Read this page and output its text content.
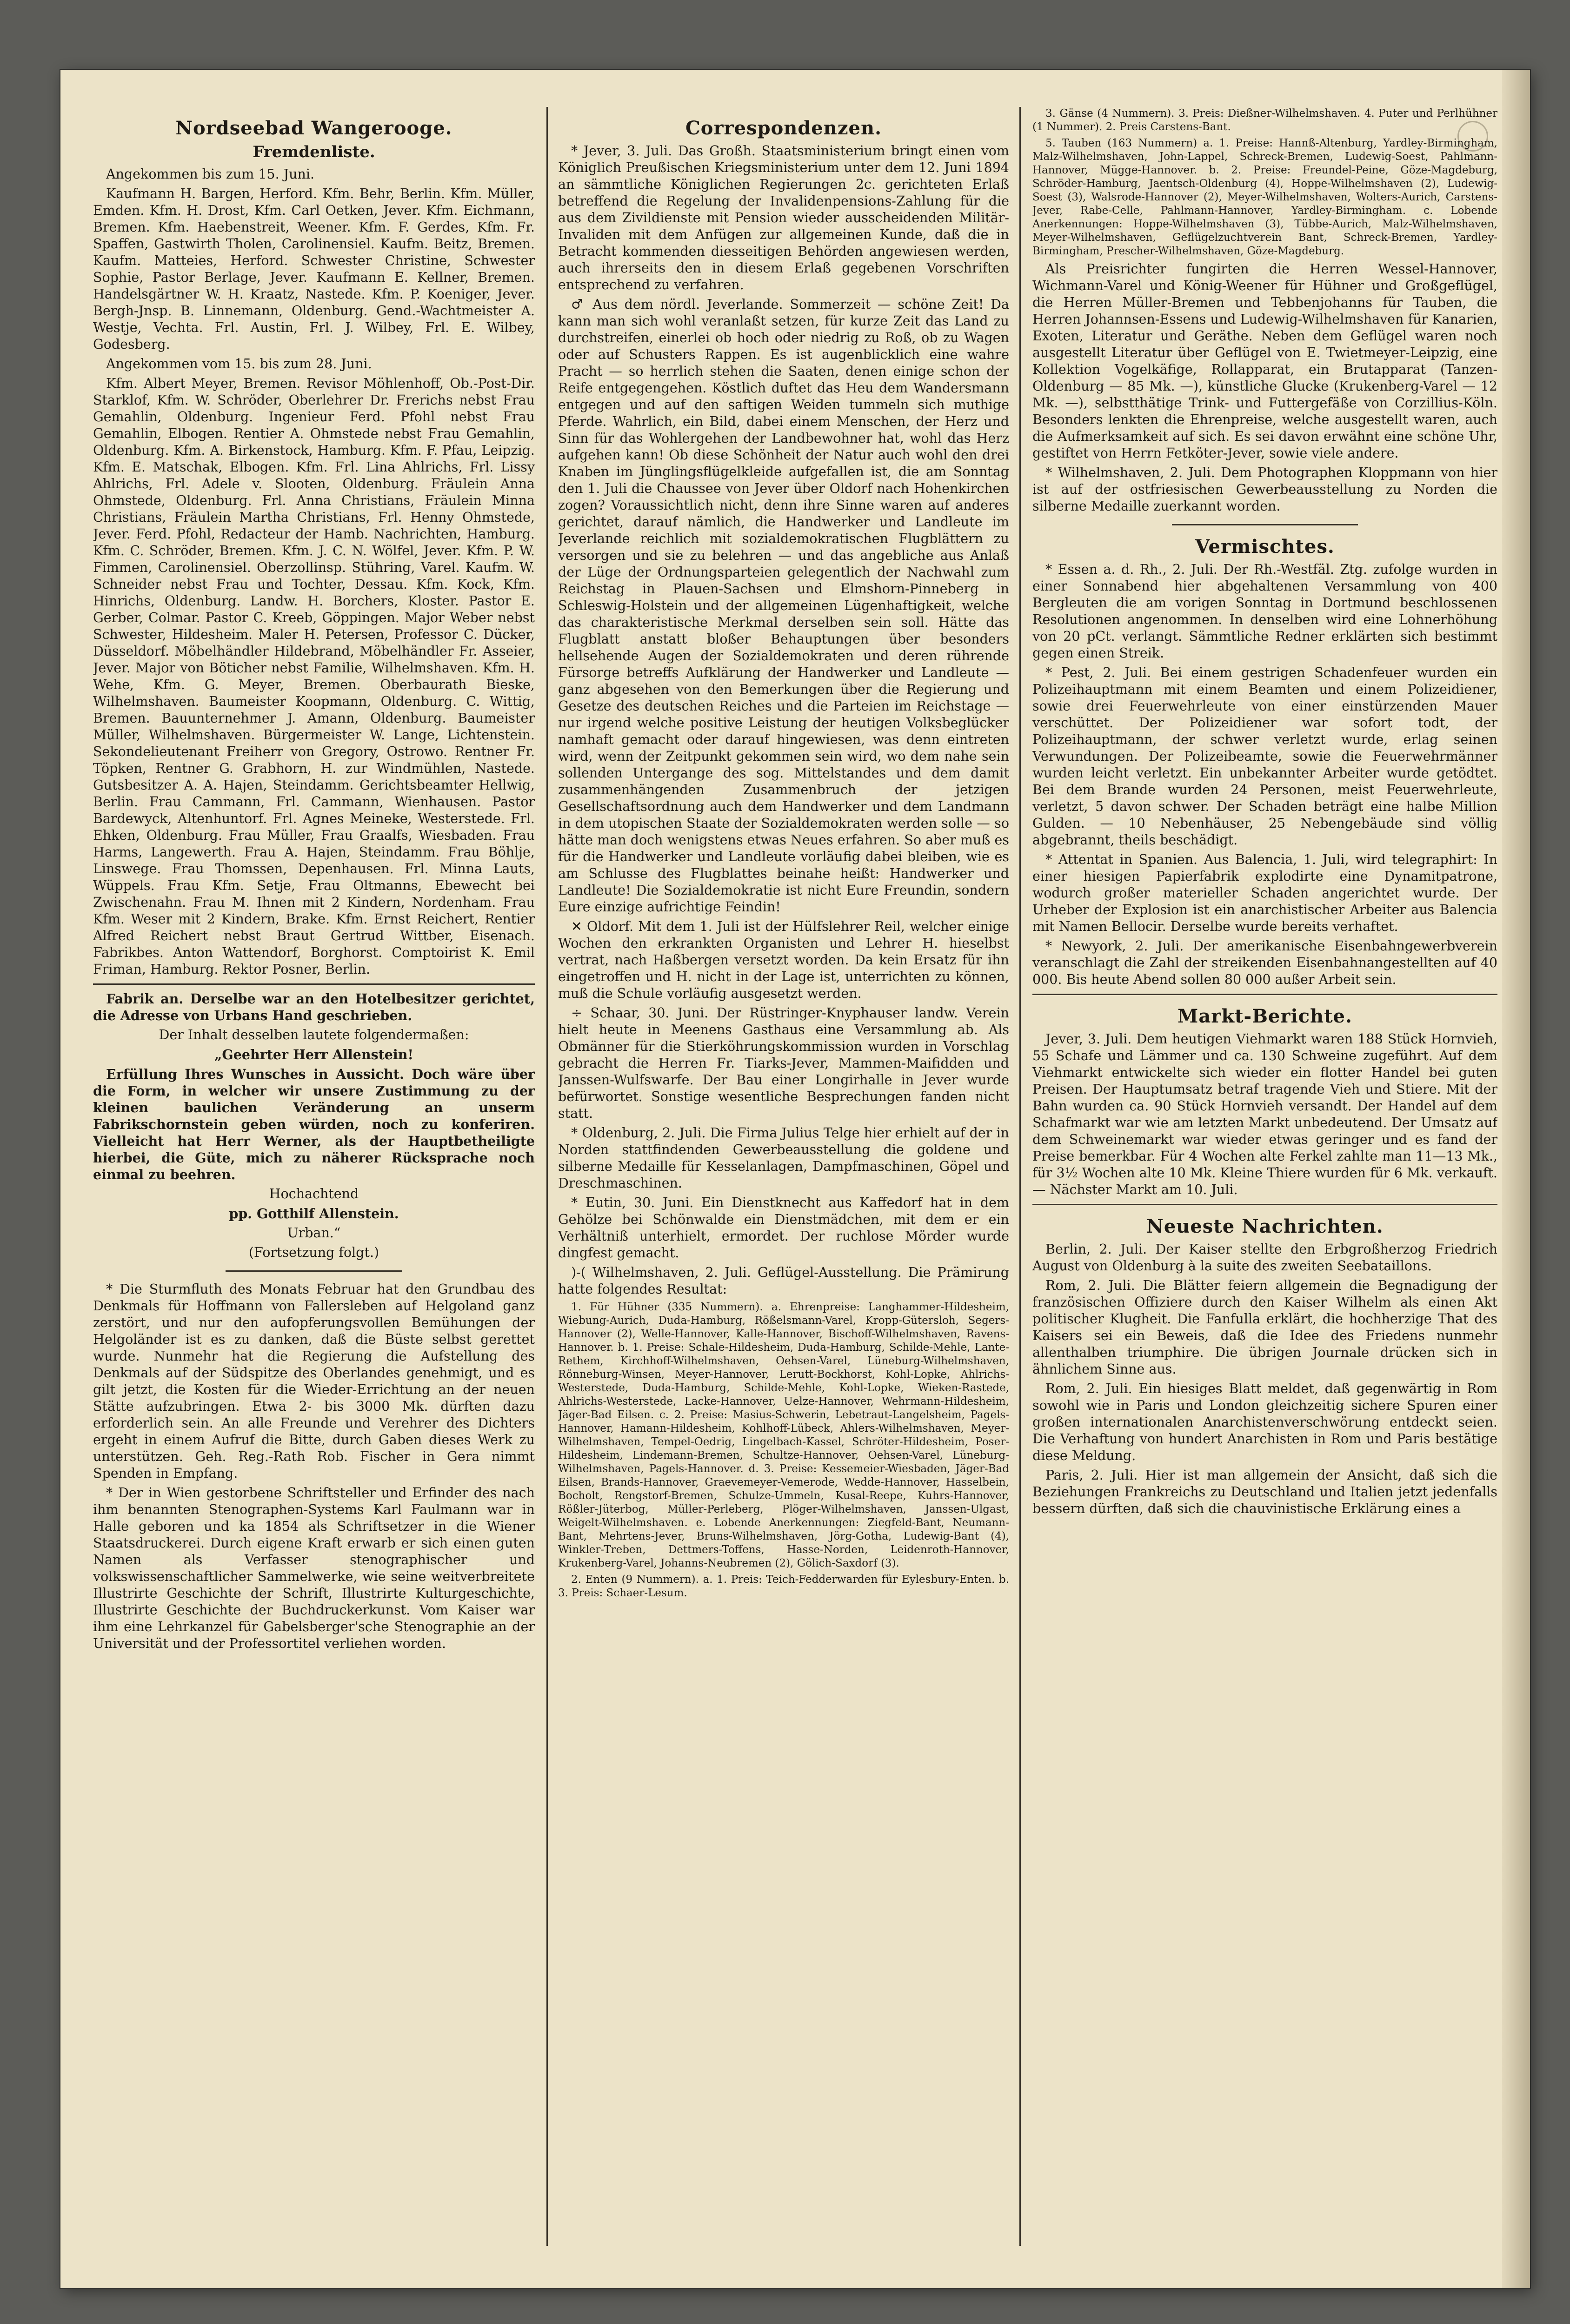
Nordseebad Wangerooge.
Fremdenliste.

Angekommen bis zum 15. Juni.

Kaufmann H. Bargen, Herford. Kfm. Behr, Berlin. Kfm. Müller, Emden. Kfm. H. Drost, Kfm. Carl Oetken, Jever. Kfm. Eichmann, Bremen. Kfm. Haebenstreit, Weener. Kfm. F. Gerdes, Kfm. Fr. Spaffen, Gastwirth Tholen, Carolinensiel. Kaufm. Beitz, Bremen. Kaufm. Matteies, Herford. Schwester Christine, Schwester Sophie, Pastor Berlage, Jever. Kaufmann E. Kellner, Bremen. Handelsgärtner W. H. Kraatz, Nastede. Kfm. P. Koeniger, Jever. Bergh-Jnsp. B. Linnemann, Oldenburg. Gend.-Wachtmeister A. Westje, Vechta. Frl. Austin, Frl. J. Wilbey, Frl. E. Wilbey, Godesberg.

Angekommen vom 15. bis zum 28. Juni.

Kfm. Albert Meyer, Bremen. Revisor Möhlenhoff, Ob.-Post-Dir. Starklof, Kfm. W. Schröder, Oberlehrer Dr. Frerichs nebst Frau Gemahlin, Oldenburg. Ingenieur Ferd. Pfohl nebst Frau Gemahlin, Elbogen. Rentier A. Ohmstede nebst Frau Gemahlin, Oldenburg. Kfm. A. Birkenstock, Hamburg. Kfm. F. Pfau, Leipzig. Kfm. E. Matschak, Elbogen. Kfm. Frl. Lina Ahlrichs, Frl. Lissy Ahlrichs, Frl. Adele v. Slooten, Oldenburg. Fräulein Anna Ohmstede, Oldenburg. Frl. Anna Christians, Fräulein Minna Christians, Fräulein Martha Christians, Frl. Henny Ohmstede, Jever. Ferd. Pfohl, Redacteur der Hamb. Nachrichten, Hamburg. Kfm. C. Schröder, Bremen. Kfm. J. C. N. Wölfel, Jever. Kfm. P. W. Fimmen, Carolinensiel. Oberzollinsp. Stühring, Varel. Kaufm. W. Schneider nebst Frau und Tochter, Dessau. Kfm. Kock, Kfm. Hinrichs, Oldenburg. Landw. H. Borchers, Kloster. Pastor E. Gerber, Colmar. Pastor C. Kreeb, Göppingen. Major Weber nebst Schwester, Hildesheim. Maler H. Petersen, Professor C. Dücker, Düsseldorf. Möbelhändler Hildebrand, Möbelhändler Fr. Asseier, Jever. Major von Böticher nebst Familie, Wilhelmshaven. Kfm. H. Wehe, Kfm. G. Meyer, Bremen. Oberbaurath Bieske, Wilhelmshaven. Baumeister Koopmann, Oldenburg. C. Wittig, Bremen. Bauunternehmer J. Amann, Oldenburg. Baumeister Müller, Wilhelmshaven. Bürgermeister W. Lange, Lichtenstein. Sekondelieutenant Freiherr von Gregory, Ostrowo. Rentner Fr. Töpken, Rentner G. Grabhorn, H. zur Windmühlen, Nastede. Gutsbesitzer A. A. Hajen, Steindamm. Gerichtsbeamter Hellwig, Berlin. Frau Cammann, Frl. Cammann, Wienhausen. Pastor Bardewyck, Altenhuntorf. Frl. Agnes Meineke, Westerstede. Frl. Ehken, Oldenburg. Frau Müller, Frau Graalfs, Wiesbaden. Frau Harms, Langewerth. Frau A. Hajen, Steindamm. Frau Böhlje, Linswege. Frau Thomssen, Depenhausen. Frl. Minna Lauts, Wüppels. Frau Kfm. Setje, Frau Oltmanns, Ebewecht bei Zwischenahn. Frau M. Ihnen mit 2 Kindern, Nordenham. Frau Kfm. Weser mit 2 Kindern, Brake. Kfm. Ernst Reichert, Rentier Alfred Reichert nebst Braut Gertrud Wittber, Eisenach. Fabrikbes. Anton Wattendorf, Borghorst. Comptoirist K. Emil Friman, Hamburg. Rektor Posner, Berlin.

Fabrik an. Derselbe war an den Hotelbesitzer gerichtet, die Adresse von Urbans Hand geschrieben.

Der Inhalt desselben lautete folgendermaßen:

„Geehrter Herr Allenstein!

Erfüllung Ihres Wunsches in Aussicht. Doch wäre über die Form, in welcher wir unsere Zustimmung zu der kleinen baulichen Veränderung an unserm Fabrikschornstein geben würden, noch zu konferiren. Vielleicht hat Herr Werner, als der Hauptbetheiligte hierbei, die Güte, mich zu näherer Rücksprache noch einmal zu beehren.

Hochachtend

pp. Gotthilf Allenstein.

Urban.“

(Fortsetzung folgt.)

* Die Sturmfluth des Monats Februar hat den Grundbau des Denkmals für Hoffmann von Fallersleben auf Helgoland ganz zerstört, und nur den aufopferungsvollen Bemühungen der Helgoländer ist es zu danken, daß die Büste selbst gerettet wurde. Nunmehr hat die Regierung die Aufstellung des Denkmals auf der Südspitze des Oberlandes genehmigt, und es gilt jetzt, die Kosten für die Wieder-Errichtung an der neuen Stätte aufzubringen. Etwa 2- bis 3000 Mk. dürften dazu erforderlich sein. An alle Freunde und Verehrer des Dichters ergeht in einem Aufruf die Bitte, durch Gaben dieses Werk zu unterstützen. Geh. Reg.-Rath Rob. Fischer in Gera nimmt Spenden in Empfang.

* Der in Wien gestorbene Schriftsteller und Erfinder des nach ihm benannten Stenographen-Systems Karl Faulmann war in Halle geboren und ka 1854 als Schriftsetzer in die Wiener Staatsdruckerei. Durch eigene Kraft erwarb er sich einen guten Namen als Verfasser stenographischer und volkswissenschaftlicher Sammelwerke, wie seine weitverbreitete Illustrirte Geschichte der Schrift, Illustrirte Kulturgeschichte, Illustrirte Geschichte der Buchdruckerkunst. Vom Kaiser war ihm eine Lehrkanzel für Gabelsberger'sche Stenographie an der Universität und der Professortitel verliehen worden.

Correspondenzen.

* Jever, 3. Juli. Das Großh. Staatsministerium bringt einen vom Königlich Preußischen Kriegsministerium unter dem 12. Juni 1894 an sämmtliche Königlichen Regierungen 2c. gerichteten Erlaß betreffend die Regelung der Invalidenpensions-Zahlung für die aus dem Zivildienste mit Pension wieder ausscheidenden Militär-Invaliden mit dem Anfügen zur allgemeinen Kunde, daß die in Betracht kommenden diesseitigen Behörden angewiesen werden, auch ihrerseits den in diesem Erlaß gegebenen Vorschriften entsprechend zu verfahren.

♂ Aus dem nördl. Jeverlande. Sommerzeit — schöne Zeit! Da kann man sich wohl veranlaßt setzen, für kurze Zeit das Land zu durchstreifen, einerlei ob hoch oder niedrig zu Roß, ob zu Wagen oder auf Schusters Rappen. Es ist augenblicklich eine wahre Pracht — so herrlich stehen die Saaten, denen einige schon der Reife entgegengehen. Köstlich duftet das Heu dem Wandersmann entgegen und auf den saftigen Weiden tummeln sich muthige Pferde. Wahrlich, ein Bild, dabei einem Menschen, der Herz und Sinn für das Wohlergehen der Landbewohner hat, wohl das Herz aufgehen kann! Ob diese Schönheit der Natur auch wohl den drei Knaben im Jünglingsflügelkleide aufgefallen ist, die am Sonntag den 1. Juli die Chaussee von Jever über Oldorf nach Hohenkirchen zogen? Voraussichtlich nicht, denn ihre Sinne waren auf anderes gerichtet, darauf nämlich, die Handwerker und Landleute im Jeverlande reichlich mit sozialdemokratischen Flugblättern zu versorgen und sie zu belehren — und das angebliche aus Anlaß der Lüge der Ordnungsparteien gelegentlich der Nachwahl zum Reichstag in Plauen-Sachsen und Elmshorn-Pinneberg in Schleswig-Holstein und der allgemeinen Lügenhaftigkeit, welche das charakteristische Merkmal derselben sein soll. Hätte das Flugblatt anstatt bloßer Behauptungen über besonders hellsehende Augen der Sozialdemokraten und deren rührende Fürsorge betreffs Aufklärung der Handwerker und Landleute — ganz abgesehen von den Bemerkungen über die Regierung und Gesetze des deutschen Reiches und die Parteien im Reichstage — nur irgend welche positive Leistung der heutigen Volksbeglücker namhaft gemacht oder darauf hingewiesen, was denn eintreten wird, wenn der Zeitpunkt gekommen sein wird, wo dem nahe sein sollenden Untergange des sog. Mittelstandes und dem damit zusammenhängenden Zusammenbruch der jetzigen Gesellschaftsordnung auch dem Handwerker und dem Landmann in dem utopischen Staate der Sozialdemokraten werden solle — so hätte man doch wenigstens etwas Neues erfahren. So aber muß es für die Handwerker und Landleute vorläufig dabei bleiben, wie es am Schlusse des Flugblattes beinahe heißt: Handwerker und Landleute! Die Sozialdemokratie ist nicht Eure Freundin, sondern Eure einzige aufrichtige Feindin!

✕ Oldorf. Mit dem 1. Juli ist der Hülfslehrer Reil, welcher einige Wochen den erkrankten Organisten und Lehrer H. hieselbst vertrat, nach Haßbergen versetzt worden. Da kein Ersatz für ihn eingetroffen und H. nicht in der Lage ist, unterrichten zu können, muß die Schule vorläufig ausgesetzt werden.

÷ Schaar, 30. Juni. Der Rüstringer-Knyphauser landw. Verein hielt heute in Meenens Gasthaus eine Versammlung ab. Als Obmänner für die Stierköhrungskommission wurden in Vorschlag gebracht die Herren Fr. Tiarks-Jever, Mammen-Maifidden und Janssen-Wulfswarfe. Der Bau einer Longirhalle in Jever wurde befürwortet. Sonstige wesentliche Besprechungen fanden nicht statt.

* Oldenburg, 2. Juli. Die Firma Julius Telge hier erhielt auf der in Norden stattfindenden Gewerbeausstellung die goldene und silberne Medaille für Kesselanlagen, Dampfmaschinen, Göpel und Dreschmaschinen.

* Eutin, 30. Juni. Ein Dienstknecht aus Kaffedorf hat in dem Gehölze bei Schönwalde ein Dienstmädchen, mit dem er ein Verhältniß unterhielt, ermordet. Der ruchlose Mörder wurde dingfest gemacht.

)-( Wilhelmshaven, 2. Juli. Geflügel-Ausstellung. Die Prämirung hatte folgendes Resultat:

1. Für Hühner (335 Nummern). a. Ehrenpreise: Langhammer-Hildesheim, Wiebung-Aurich, Duda-Hamburg, Rößelsmann-Varel, Kropp-Gütersloh, Segers-Hannover (2), Welle-Hannover, Kalle-Hannover, Bischoff-Wilhelmshaven, Ravens-Hannover. b. 1. Preise: Schale-Hildesheim, Duda-Hamburg, Schilde-Mehle, Lante-Rethem, Kirchhoff-Wilhelmshaven, Oehsen-Varel, Lüneburg-Wilhelmshaven, Rönneburg-Winsen, Meyer-Hannover, Lerutt-Bockhorst, Kohl-Lopke, Ahlrichs-Westerstede, Duda-Hamburg, Schilde-Mehle, Kohl-Lopke, Wieken-Rastede, Ahlrichs-Westerstede, Lacke-Hannover, Uelze-Hannover, Wehrmann-Hildesheim, Jäger-Bad Eilsen. c. 2. Preise: Masius-Schwerin, Lebetraut-Langelsheim, Pagels-Hannover, Hamann-Hildesheim, Kohlhoff-Lübeck, Ahlers-Wilhelmshaven, Meyer-Wilhelmshaven, Tempel-Oedrig, Lingelbach-Kassel, Schröter-Hildesheim, Poser-Hildesheim, Lindemann-Bremen, Schultze-Hannover, Oehsen-Varel, Lüneburg-Wilhelmshaven, Pagels-Hannover. d. 3. Preise: Kessemeier-Wiesbaden, Jäger-Bad Eilsen, Brands-Hannover, Graevemeyer-Vemerode, Wedde-Hannover, Hasselbein, Bocholt, Rengstorf-Bremen, Schulze-Ummeln, Kusal-Reepe, Kuhrs-Hannover, Rößler-Jüterbog, Müller-Perleberg, Plöger-Wilhelmshaven, Janssen-Ulgast, Weigelt-Wilhelmshaven. e. Lobende Anerkennungen: Ziegfeld-Bant, Neumann-Bant, Mehrtens-Jever, Bruns-Wilhelmshaven, Jörg-Gotha, Ludewig-Bant (4), Winkler-Treben, Dettmers-Toffens, Hasse-Norden, Leidenroth-Hannover, Krukenberg-Varel, Johanns-Neubremen (2), Gölich-Saxdorf (3).

2. Enten (9 Nummern). a. 1. Preis: Teich-Fedderwarden für Eylesbury-Enten. b. 3. Preis: Schaer-Lesum.

3. Gänse (4 Nummern). 3. Preis: Dießner-Wilhelmshaven. 4. Puter und Perlhühner (1 Nummer). 2. Preis Carstens-Bant.

5. Tauben (163 Nummern) a. 1. Preise: Hannß-Altenburg, Yardley-Birmingham, Malz-Wilhelmshaven, John-Lappel, Schreck-Bremen, Ludewig-Soest, Pahlmann-Hannover, Mügge-Hannover. b. 2. Preise: Freundel-Peine, Göze-Magdeburg, Schröder-Hamburg, Jaentsch-Oldenburg (4), Hoppe-Wilhelmshaven (2), Ludewig-Soest (3), Walsrode-Hannover (2), Meyer-Wilhelmshaven, Wolters-Aurich, Carstens-Jever, Rabe-Celle, Pahlmann-Hannover, Yardley-Birmingham. c. Lobende Anerkennungen: Hoppe-Wilhelmshaven (3), Tübbe-Aurich, Malz-Wilhelmshaven, Meyer-Wilhelmshaven, Geflügelzuchtverein Bant, Schreck-Bremen, Yardley-Birmingham, Prescher-Wilhelmshaven, Göze-Magdeburg.

Als Preisrichter fungirten die Herren Wessel-Hannover, Wichmann-Varel und König-Weener für Hühner und Großgeflügel, die Herren Müller-Bremen und Tebbenjohanns für Tauben, die Herren Johannsen-Essens und Ludewig-Wilhelmshaven für Kanarien, Exoten, Literatur und Geräthe. Neben dem Geflügel waren noch ausgestellt Literatur über Geflügel von E. Twietmeyer-Leipzig, eine Kollektion Vogelkäfige, Rollapparat, ein Brutapparat (Tanzen-Oldenburg — 85 Mk. —), künstliche Glucke (Krukenberg-Varel — 12 Mk. —), selbstthätige Trink- und Futtergefäße von Corzillius-Köln. Besonders lenkten die Ehrenpreise, welche ausgestellt waren, auch die Aufmerksamkeit auf sich. Es sei davon erwähnt eine schöne Uhr, gestiftet von Herrn Fetköter-Jever, sowie viele andere.

* Wilhelmshaven, 2. Juli. Dem Photographen Kloppmann von hier ist auf der ostfriesischen Gewerbeausstellung zu Norden die silberne Medaille zuerkannt worden.

Vermischtes.

* Essen a. d. Rh., 2. Juli. Der Rh.-Westfäl. Ztg. zufolge wurden in einer Sonnabend hier abgehaltenen Versammlung von 400 Bergleuten die am vorigen Sonntag in Dortmund beschlossenen Resolutionen angenommen. In denselben wird eine Lohnerhöhung von 20 pCt. verlangt. Sämmtliche Redner erklärten sich bestimmt gegen einen Streik.

* Pest, 2. Juli. Bei einem gestrigen Schadenfeuer wurden ein Polizeihauptmann mit einem Beamten und einem Polizeidiener, sowie drei Feuerwehrleute von einer einstürzenden Mauer verschüttet. Der Polizeidiener war sofort todt, der Polizeihauptmann, der schwer verletzt wurde, erlag seinen Verwundungen. Der Polizeibeamte, sowie die Feuerwehrmänner wurden leicht verletzt. Ein unbekannter Arbeiter wurde getödtet. Bei dem Brande wurden 24 Personen, meist Feuerwehrleute, verletzt, 5 davon schwer. Der Schaden beträgt eine halbe Million Gulden. — 10 Nebenhäuser, 25 Nebengebäude sind völlig abgebrannt, theils beschädigt.

* Attentat in Spanien. Aus Balencia, 1. Juli, wird telegraphirt: In einer hiesigen Papierfabrik explodirte eine Dynamitpatrone, wodurch großer materieller Schaden angerichtet wurde. Der Urheber der Explosion ist ein anarchistischer Arbeiter aus Balencia mit Namen Bellocir. Derselbe wurde bereits verhaftet.

* Newyork, 2. Juli. Der amerikanische Eisenbahngewerbverein veranschlagt die Zahl der streikenden Eisenbahnangestellten auf 40 000. Bis heute Abend sollen 80 000 außer Arbeit sein.

Markt-Berichte.

Jever, 3. Juli. Dem heutigen Viehmarkt waren 188 Stück Hornvieh, 55 Schafe und Lämmer und ca. 130 Schweine zugeführt. Auf dem Viehmarkt entwickelte sich wieder ein flotter Handel bei guten Preisen. Der Hauptumsatz betraf tragende Vieh und Stiere. Mit der Bahn wurden ca. 90 Stück Hornvieh versandt. Der Handel auf dem Schafmarkt war wie am letzten Markt unbedeutend. Der Umsatz auf dem Schweinemarkt war wieder etwas geringer und es fand der Preise bemerkbar. Für 4 Wochen alte Ferkel zahlte man 11—13 Mk., für 3½ Wochen alte 10 Mk. Kleine Thiere wurden für 6 Mk. verkauft. — Nächster Markt am 10. Juli.

Neueste Nachrichten.

Berlin, 2. Juli. Der Kaiser stellte den Erbgroßherzog Friedrich August von Oldenburg à la suite des zweiten Seebataillons.

Rom, 2. Juli. Die Blätter feiern allgemein die Begnadigung der französischen Offiziere durch den Kaiser Wilhelm als einen Akt politischer Klugheit. Die Fanfulla erklärt, die hochherzige That des Kaisers sei ein Beweis, daß die Idee des Friedens nunmehr allenthalben triumphire. Die übrigen Journale drücken sich in ähnlichem Sinne aus.

Rom, 2. Juli. Ein hiesiges Blatt meldet, daß gegenwärtig in Rom sowohl wie in Paris und London gleichzeitig sichere Spuren einer großen internationalen Anarchistenverschwörung entdeckt seien. Die Verhaftung von hundert Anarchisten in Rom und Paris bestätige diese Meldung.

Paris, 2. Juli. Hier ist man allgemein der Ansicht, daß sich die Beziehungen Frankreichs zu Deutschland und Italien jetzt jedenfalls bessern dürften, daß sich die chauvinistische Erklärung eines a
